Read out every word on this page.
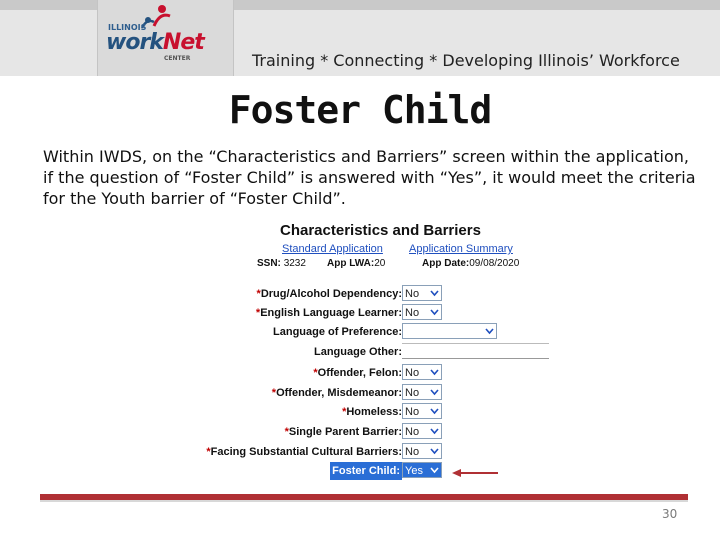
ILLINOIS
workNet
CENTER	Training * Connecting * Developing Illinois’ Workforce
Foster Child
Within IWDS, on the “Characteristics and Barriers” screen within the application, if the question of “Foster Child” is answered with “Yes”, it would meet the criteria for the Youth barrier of “Foster Child”.
Characteristics and Barriers
Standard Application Application Summary
SSN: 3232 App LWA:20	App Date:09/08/2020
*Drug/Alcohol Dependency: No
*English Language Learner: No
Language of Preference:
Language Other:
*Offender, Felon: No
*Offender, Misdemeanor: No
*Homeless: No
*Single Parent Barrier: No
*Facing Substantial Cultural Barriers: No
Foster Child: Yes
30
